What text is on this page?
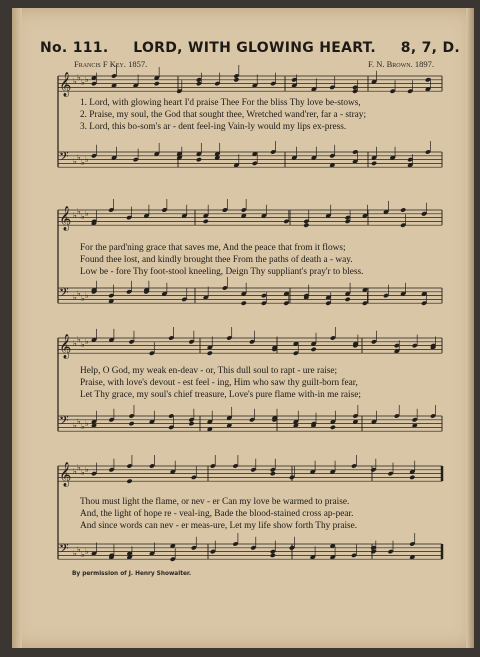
No. 111. LORD, WITH GLOWING HEART. 8, 7, D.
Francis F Key. 1857.	F. N. Brown. 1897.
𝄞 ♭ ♭
♭ ♭
𝄢 ♭ ♭
♭ ♭
𝄞 ♭ ♭
♭ ♭
𝄢 ♭ ♭
♭ ♭
𝄞 ♭ ♭
♭ ♭
𝄢 ♭ ♭
♭ ♭
𝄞 ♭ ♭
♭ ♭
𝄢 ♭ ♭
♭ ♭
1. Lord, with glowing heart I'd praise Thee For the bliss Thy love be-stows,
2. Praise, my soul, the God that sought thee, Wretched wand'rer, far a - stray;
3. Lord, this bo-som's ar - dent feel-ing Vain-ly would my lips ex-press.
For the pard'ning grace that saves me, And the peace that from it flows;
Found thee lost, and kindly brought thee From the paths of death a - way.
Low be - fore Thy foot-stool kneeling, Deign Thy suppliant's pray'r to bless.
Help, O God, my weak en-deav - or, This dull soul to rapt - ure raise;
Praise, with love's devout - est feel - ing, Him who saw thy guilt-born fear,
Let Thy grace, my soul's chief treasure, Love's pure flame with-in me raise;
Thou must light the flame, or nev - er Can my love be warmed to praise.
And, the light of hope re - veal-ing, Bade the blood-stained cross ap-pear.
And since words can nev - er meas-ure, Let my life show forth Thy praise.
By permission of J. Henry Showalter.
